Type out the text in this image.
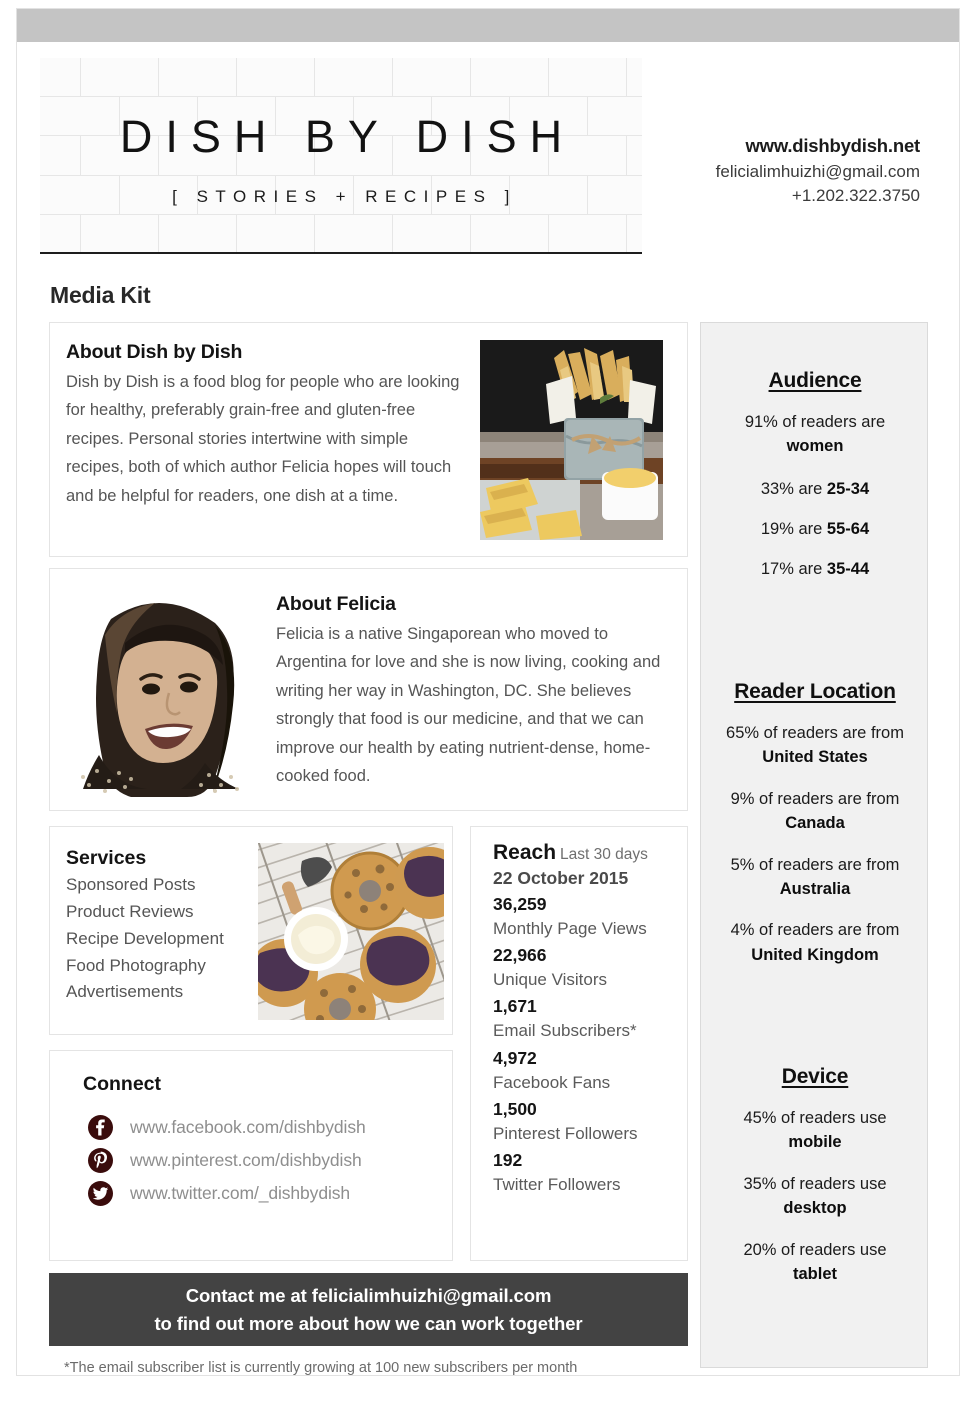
DISH BY DISH
[ STORIES + RECIPES ]
www.dishbydish.net
felicialimhuizhi@gmail.com
+1.202.322.3750
Media Kit
About Dish by Dish
Dish by Dish is a food blog for people who are looking for healthy, preferably grain-free and gluten-free recipes. Personal stories intertwine with simple recipes, both of which author Felicia hopes will touch and be helpful for readers, one dish at a time.
About Felicia
Felicia is a native Singaporean who moved to Argentina for love and she is now living, cooking and writing her way in Washington, DC. She believes strongly that food is our medicine, and that we can improve our health by eating nutrient-dense, home-cooked food.
Services
Sponsored Posts
Product Reviews
Recipe Development
Food Photography
Advertisements
Reach Last 30 days
22 October 2015
36,259
Monthly Page Views
22,966
Unique Visitors
1,671
Email Subscribers*
4,972
Facebook Fans
1,500
Pinterest Followers
192
Twitter Followers
Connect
www.facebook.com/dishbydish
www.pinterest.com/dishbydish
www.twitter.com/_dishbydish
Contact me at felicialimhuizhi@gmail.com
to find out more about how we can work together
*The email subscriber list is currently growing at 100 new subscribers per month
Audience
91% of readers are
women
33% are 25-34
19% are 55-64
17% are 35-44
Reader Location
65% of readers are from
United States
9% of readers are from
Canada
5% of readers are from
Australia
4% of readers are from
United Kingdom
Device
45% of readers use
mobile
35% of readers use
desktop
20% of readers use
tablet
